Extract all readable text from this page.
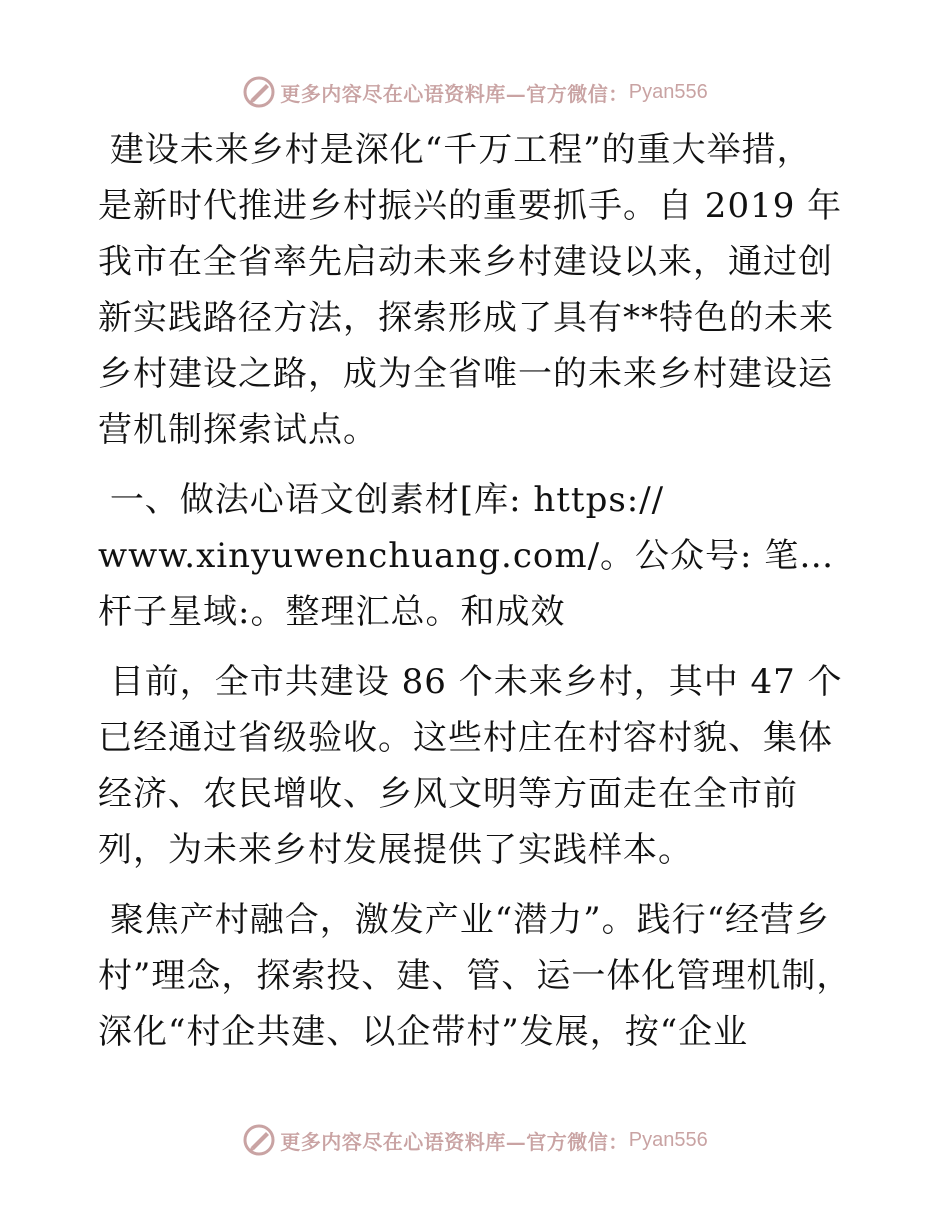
更多内容尽在心语资料库—官方微信： Pyan556

建设未来乡村是深化“千万工程”的重大举措，
是新时代推进乡村振兴的重要抓手。自 2019 年我市在全省率先启动未来乡村建设以来，通过创新实践路径方法，探索形成了具有**特色的未来乡村建设之路，成为全省唯一的未来乡村建设运营机制探索试点。

一、做法心语文创素材[库: https://
www.xinyuwenchuang.com/。公众号: 笔…杆子星域:。整理汇总。和成效

目前，全市共建设 86 个未来乡村，其中 47 个已经通过省级验收。这些村庄在村容村貌、集体经济、农民增收、乡风文明等方面走在全市前列，为未来乡村发展提供了实践样本。

聚焦产村融合，激发产业“潜力”。践行“经营乡村”理念，探索投、建、管、运一体化管理机制，深化“村企共建、以企带村”发展，按“企业

更多内容尽在心语资料库—官方微信： Pyan556
